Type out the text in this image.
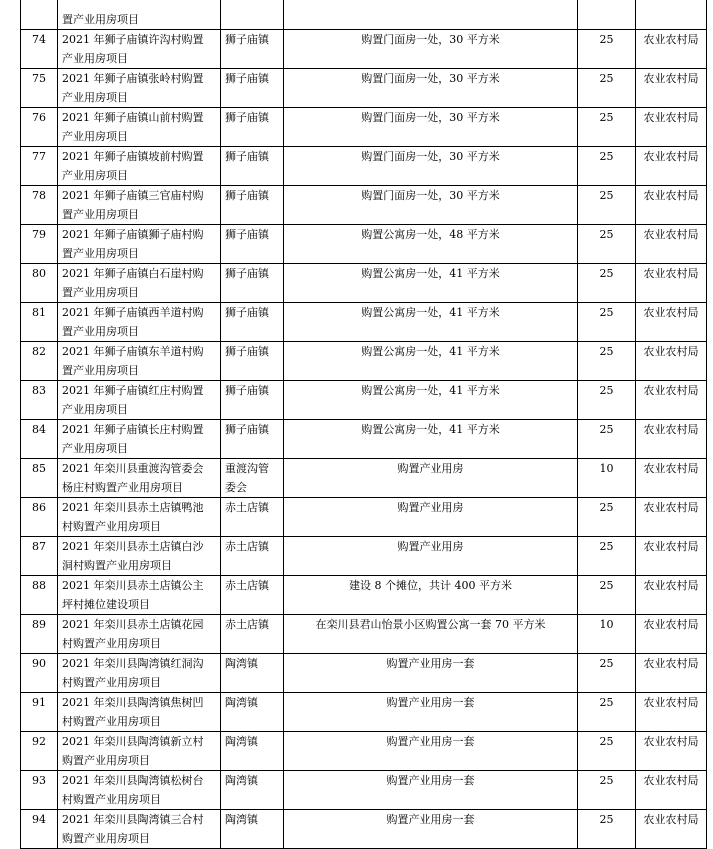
	置产业用房项目				

74	2021 年狮子庙镇许沟村购置
产业用房项目	狮子庙镇	购置门面房一处，30 平方米	25	农业农村局

75	2021 年狮子庙镇张岭村购置
产业用房项目	狮子庙镇	购置门面房一处，30 平方米	25	农业农村局

76	2021 年狮子庙镇山前村购置
产业用房项目	狮子庙镇	购置门面房一处，30 平方米	25	农业农村局

77	2021 年狮子庙镇坡前村购置
产业用房项目	狮子庙镇	购置门面房一处，30 平方米	25	农业农村局

78	2021 年狮子庙镇三官庙村购
置产业用房项目	狮子庙镇	购置门面房一处，30 平方米	25	农业农村局

79	2021 年狮子庙镇狮子庙村购
置产业用房项目	狮子庙镇	购置公寓房一处，48 平方米	25	农业农村局

80	2021 年狮子庙镇白石崖村购
置产业用房项目	狮子庙镇	购置公寓房一处，41 平方米	25	农业农村局

81	2021 年狮子庙镇西羊道村购
置产业用房项目	狮子庙镇	购置公寓房一处，41 平方米	25	农业农村局

82	2021 年狮子庙镇东羊道村购
置产业用房项目	狮子庙镇	购置公寓房一处，41 平方米	25	农业农村局

83	2021 年狮子庙镇红庄村购置
产业用房项目	狮子庙镇	购置公寓房一处，41 平方米	25	农业农村局

84	2021 年狮子庙镇长庄村购置
产业用房项目	狮子庙镇	购置公寓房一处，41 平方米	25	农业农村局

85	2021 年栾川县重渡沟管委会
杨庄村购置产业用房项目	重渡沟管
委会	购置产业用房	10	农业农村局

86	2021 年栾川县赤土店镇鸭池
村购置产业用房项目	赤土店镇	购置产业用房	25	农业农村局

87	2021 年栾川县赤土店镇白沙
洞村购置产业用房项目	赤土店镇	购置产业用房	25	农业农村局

88	2021 年栾川县赤土店镇公主
坪村摊位建设项目	赤土店镇	建设 8 个摊位，共计 400 平方米	25	农业农村局

89	2021 年栾川县赤土店镇花园
村购置产业用房项目	赤土店镇	在栾川县君山怡景小区购置公寓一套 70 平方米	10	农业农村局

90	2021 年栾川县陶湾镇红洞沟
村购置产业用房项目	陶湾镇	购置产业用房一套	25	农业农村局

91	2021 年栾川县陶湾镇焦树凹
村购置产业用房项目	陶湾镇	购置产业用房一套	25	农业农村局

92	2021 年栾川县陶湾镇新立村
购置产业用房项目	陶湾镇	购置产业用房一套	25	农业农村局

93	2021 年栾川县陶湾镇松树台
村购置产业用房项目	陶湾镇	购置产业用房一套	25	农业农村局

94	2021 年栾川县陶湾镇三合村
购置产业用房项目	陶湾镇	购置产业用房一套	25	农业农村局
